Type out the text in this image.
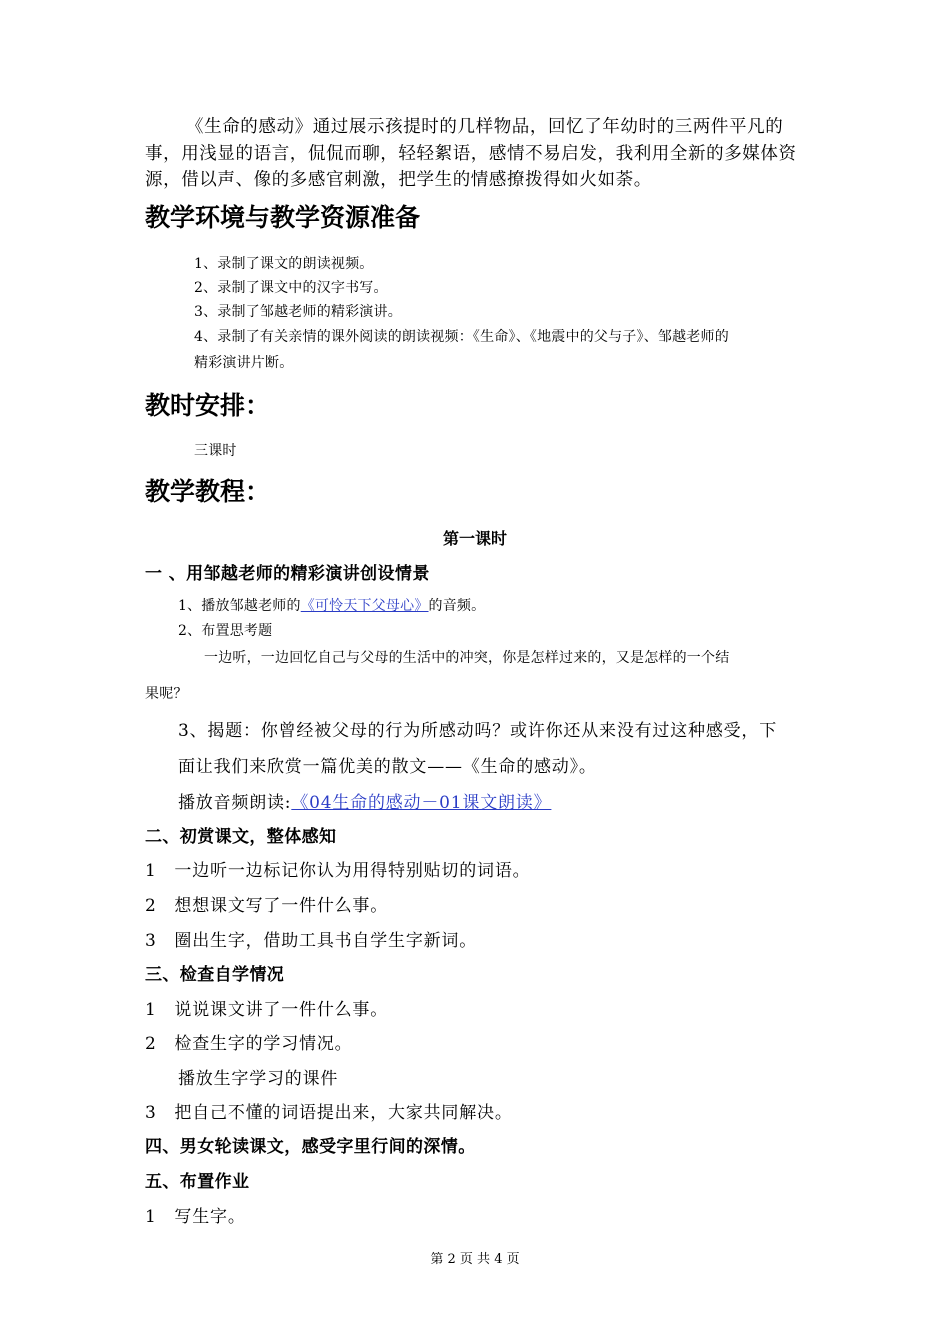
《生命的感动》通过展示孩提时的几样物品，回忆了年幼时的三两件平凡的
事，用浅显的语言，侃侃而聊，轻轻絮语，感情不易启发，我利用全新的多媒体资
源，借以声、像的多感官刺激，把学生的情感撩拨得如火如荼。
教学环境与教学资源准备
1、录制了课文的朗读视频。
2、录制了课文中的汉字书写。
3、录制了邹越老师的精彩演讲。
4、录制了有关亲情的课外阅读的朗读视频：《生命》、《地震中的父与子》、邹越老师的
精彩演讲片断。
教时安排：
三课时
教学教程：
第一课时
一 、用邹越老师的精彩演讲创设情景
1、播放邹越老师的《可怜天下父母心》的音频。
2、布置思考题
一边听，一边回忆自己与父母的生活中的冲突，你是怎样过来的，又是怎样的一个结
果呢？
3、揭题：你曾经被父母的行为所感动吗？或许你还从来没有过这种感受，下
面让我们来欣赏一篇优美的散文——《生命的感动》。
播放音频朗读:《04生命的感动－01课文朗读》
二、初赏课文，整体感知
1　一边听一边标记你认为用得特别贴切的词语。
2　想想课文写了一件什么事。
3　圈出生字，借助工具书自学生字新词。
三、检查自学情况
1　说说课文讲了一件什么事。
2　检查生字的学习情况。
播放生字学习的课件
3　把自己不懂的词语提出来，大家共同解决。
四、男女轮读课文，感受字里行间的深情。
五、布置作业
1　写生字。
第 2 页 共 4 页
